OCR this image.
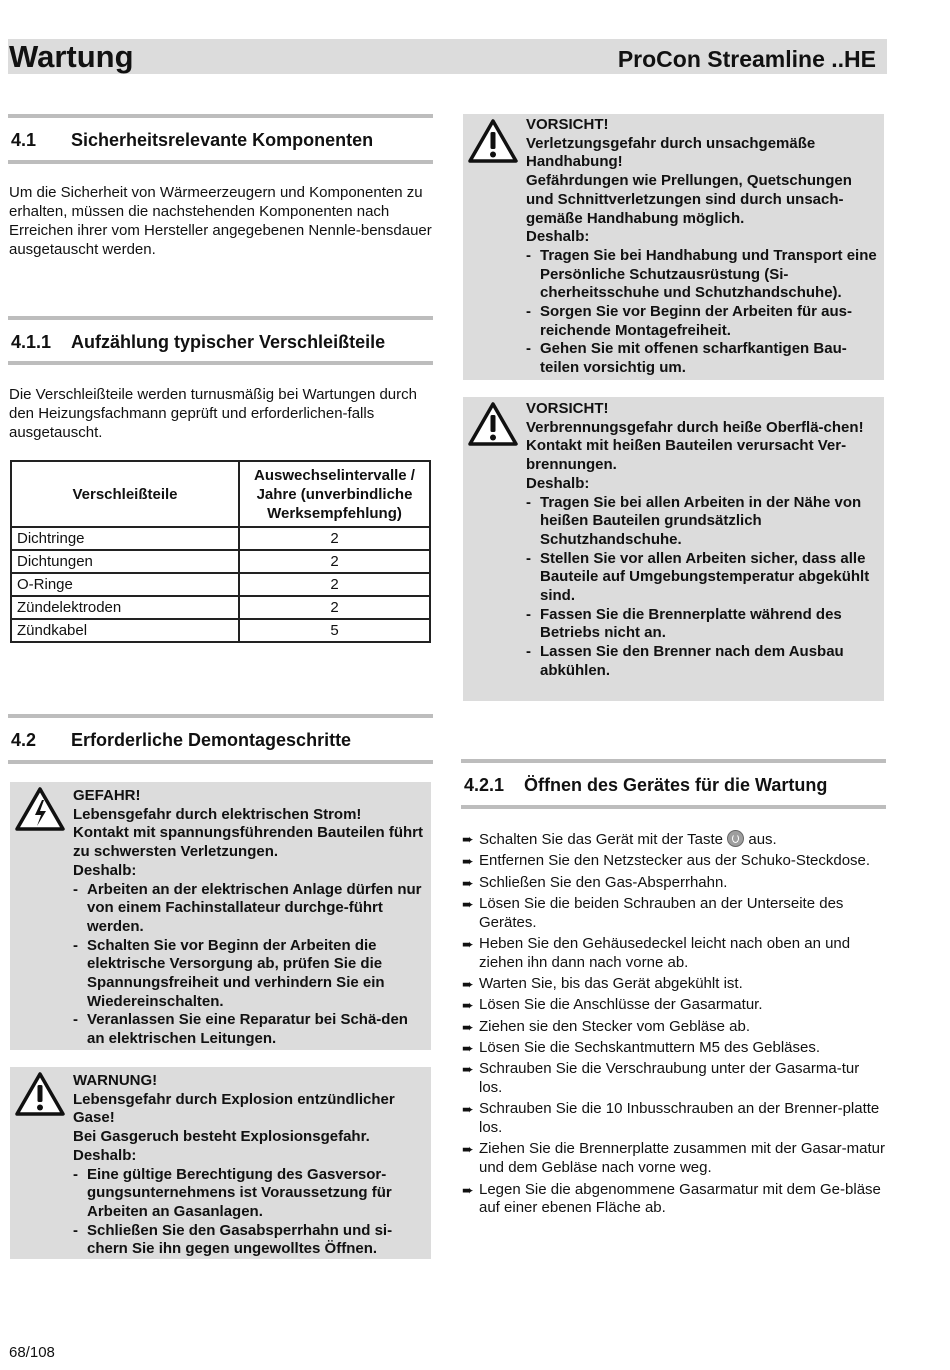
Wartung	ProCon Streamline ..HE
4.1 Sicherheitsrelevante Komponenten
Um die Sicherheit von Wärmeerzeugern und Komponenten zu erhalten, müssen die nachstehenden Komponenten nach Erreichen ihrer vom Hersteller angegebenen Nennle-bensdauer ausgetauscht werden.
4.1.1 Aufzählung typischer Verschleißteile
Die Verschleißteile werden turnusmäßig bei Wartungen durch den Heizungsfachmann geprüft und erforderlichen-falls ausgetauscht.
Verschleißteile	Auswechselintervalle / Jahre (unverbindliche Werksempfehlung)
Dichtringe	2
Dichtungen	2
O-Ringe	2
Zündelektroden	2
Zündkabel	5
4.2 Erforderliche Demontageschritte
GEFAHR!
Lebensgefahr durch elektrischen Strom!
Kontakt mit spannungsführenden Bauteilen führt zu schwersten Verletzungen.
Deshalb:
- Arbeiten an der elektrischen Anlage dürfen nur von einem Fachinstallateur durchge-führt werden.
- Schalten Sie vor Beginn der Arbeiten die elektrische Versorgung ab, prüfen Sie die Spannungsfreiheit und verhindern Sie ein Wiedereinschalten.
- Veranlassen Sie eine Reparatur bei Schä-den an elektrischen Leitungen.
WARNUNG!
Lebensgefahr durch Explosion entzündlicher Gase!
Bei Gasgeruch besteht Explosionsgefahr.
Deshalb:
- Eine gültige Berechtigung des Gasversor-gungsunternehmens ist Voraussetzung für Arbeiten an Gasanlagen.
- Schließen Sie den Gasabsperrhahn und si-chern Sie ihn gegen ungewolltes Öffnen.
VORSICHT!
Verletzungsgefahr durch unsachgemäße Handhabung!
Gefährdungen wie Prellungen, Quetschungen und Schnittverletzungen sind durch unsach-gemäße Handhabung möglich.
Deshalb:
- Tragen Sie bei Handhabung und Transport eine Persönliche Schutzausrüstung (Si-cherheitsschuhe und Schutzhandschuhe).
- Sorgen Sie vor Beginn der Arbeiten für aus-reichende Montagefreiheit.
- Gehen Sie mit offenen scharfkantigen Bau-teilen vorsichtig um.
VORSICHT!
Verbrennungsgefahr durch heiße Oberflä-chen!
Kontakt mit heißen Bauteilen verursacht Ver-brennungen.
Deshalb:
- Tragen Sie bei allen Arbeiten in der Nähe von heißen Bauteilen grundsätzlich Schutzhandschuhe.
- Stellen Sie vor allen Arbeiten sicher, dass alle Bauteile auf Umgebungstemperatur abgekühlt sind.
- Fassen Sie die Brennerplatte während des Betriebs nicht an.
- Lassen Sie den Brenner nach dem Ausbau abkühlen.
4.2.1 Öffnen des Gerätes für die Wartung
➨ Schalten Sie das Gerät mit der Taste aus.
➨ Entfernen Sie den Netzstecker aus der Schuko-Steckdose.
➨ Schließen Sie den Gas-Absperrhahn.
➨ Lösen Sie die beiden Schrauben an der Unterseite des Gerätes.
➨ Heben Sie den Gehäusedeckel leicht nach oben an und ziehen ihn dann nach vorne ab.
➨ Warten Sie, bis das Gerät abgekühlt ist.
➨ Lösen Sie die Anschlüsse der Gasarmatur.
➨ Ziehen sie den Stecker vom Gebläse ab.
➨ Lösen Sie die Sechskantmuttern M5 des Gebläses.
➨ Schrauben Sie die Verschraubung unter der Gasarma-tur los.
➨ Schrauben Sie die 10 Inbusschrauben an der Brenner-platte los.
➨ Ziehen Sie die Brennerplatte zusammen mit der Gasar-matur und dem Gebläse nach vorne weg.
➨ Legen Sie die abgenommene Gasarmatur mit dem Ge-bläse auf einer ebenen Fläche ab.
68/108
